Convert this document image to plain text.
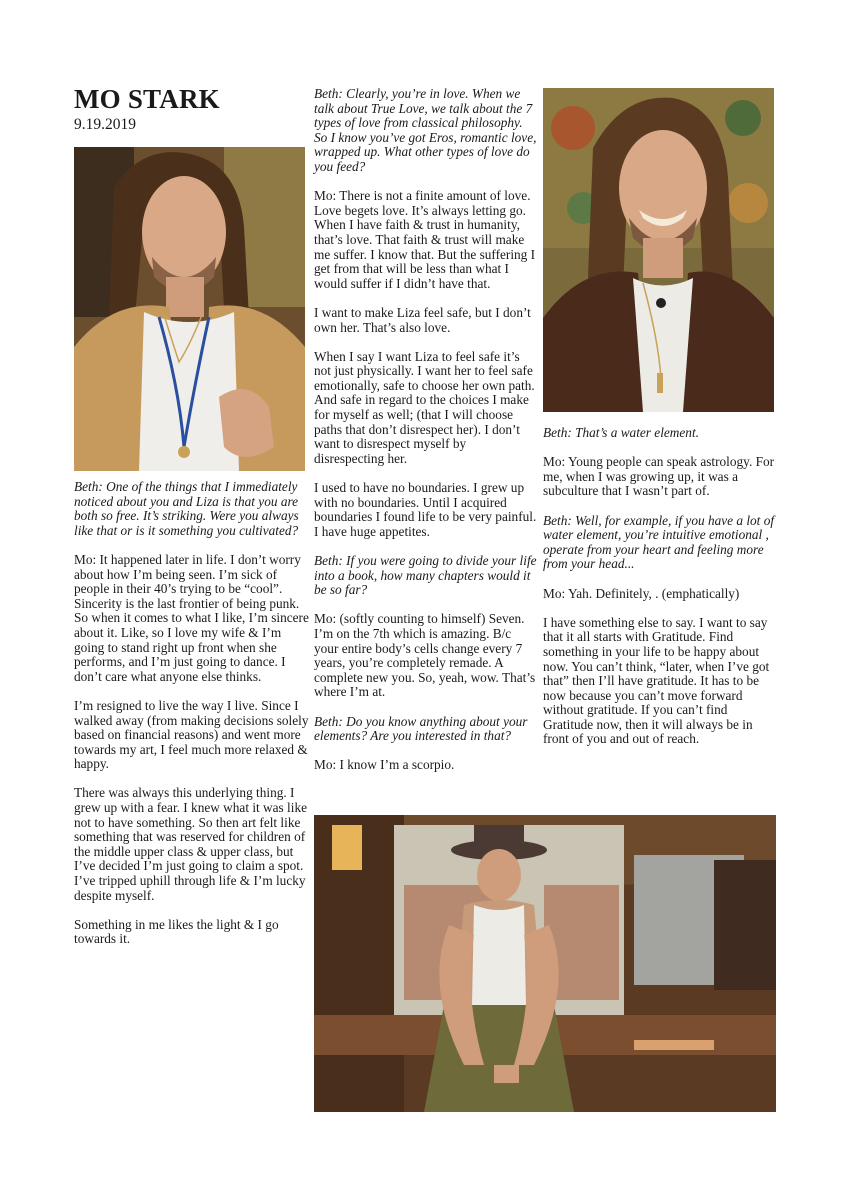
MO STARK
9.19.2019

Beth: One of the things that I immediately noticed about you and Liza is that you are both so free. It’s striking. Were you always like that or is it something you cultivated?

Mo: It happened later in life. I don’t worry about how I’m being seen. I’m sick of people in their 40’s trying to be “cool”. Sincerity is the last frontier of being punk. So when it comes to what I like, I’m sincere about it. Like, so I love my wife & I’m going to stand right up front when she performs, and I’m just going to dance. I don’t care what anyone else thinks.

I’m resigned to live the way I live. Since I walked away (from making decisions solely based on financial reasons) and went more towards my art, I feel much more relaxed & happy.

There was always this underlying thing. I grew up with a fear. I knew what it was like not to have something. So then art felt like something that was reserved for children of the middle upper class & upper class, but I’ve decided I’m just going to claim a spot. I’ve tripped uphill through life & I’m lucky despite myself.

Something in me likes the light & I go towards it.

Beth: Clearly, you’re in love. When we talk about True Love, we talk about the 7 types of love from classical philosophy. So I know you’ve got Eros, romantic love, wrapped up. What other types of love do you feed?

Mo: There is not a finite amount of love. Love begets love. It’s always letting go. When I have faith & trust in humanity, that’s love. That faith & trust will make me suffer. I know that. But the suffering I get from that will be less than what I would suffer if I didn’t have that.

I want to make Liza feel safe, but I don’t own her. That’s also love.

When I say I want Liza to feel safe it’s not just physically. I want her to feel safe emotionally, safe to choose her own path. And safe in regard to the choices I make for myself as well; (that I will choose paths that don’t disrespect her). I don’t want to disrespect myself by disrespecting her.

I used to have no boundaries. I grew up with no boundaries. Until I acquired boundaries I found life to be very painful. I have huge appetites.

Beth: If you were going to divide your life into a book, how many chapters would it be so far?

Mo: (softly counting to himself) Seven. I’m on the 7th which is amazing. B/c your entire body’s cells change every 7 years, you’re completely remade. A complete new you. So, yeah, wow. That’s where I’m at.

Beth: Do you know anything about your elements? Are you interested in that?

Mo: I know I’m a scorpio.

Beth: That’s a water element.

Mo: Young people can speak astrology. For me, when I was growing up, it was a subculture that I wasn’t part of.

Beth: Well, for example, if you have a lot of water element, you’re intuitive emotional , operate from your heart and feeling more from your head...

Mo: Yah. Definitely, . (emphatically)

I have something else to say. I want to say that it all starts with Gratitude. Find something in your life to be happy about now. You can’t think, “later, when I’ve got that” then I’ll have gratitude. It has to be now because you can’t move forward without gratitude. If you can’t find Gratitude now, then it will always be in front of you and out of reach.
